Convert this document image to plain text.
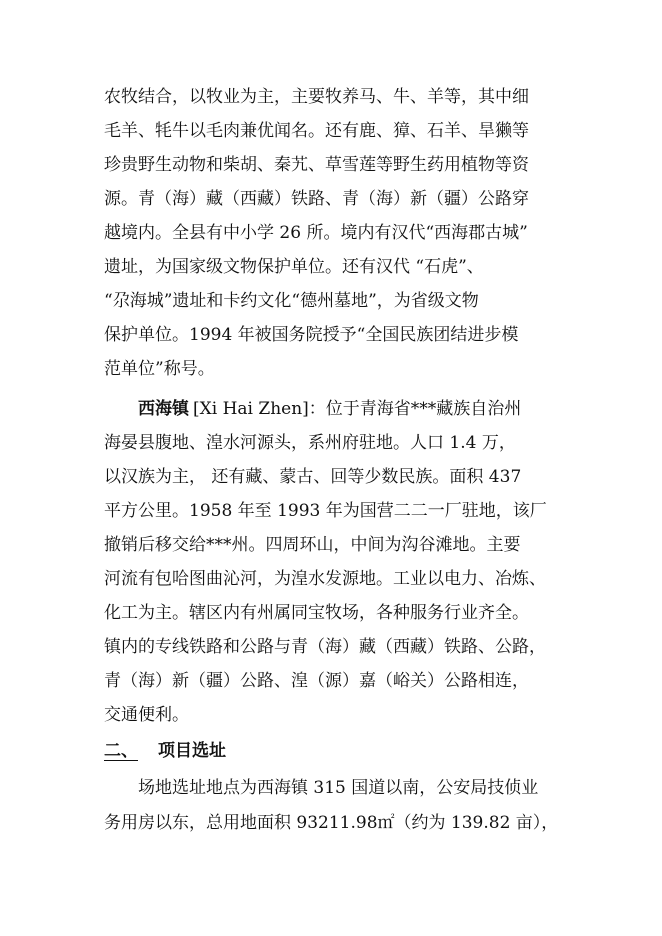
农牧结合，以牧业为主，主要牧养马、牛、羊等，其中细
毛羊、牦牛以毛肉兼优闻名。还有鹿、獐、石羊、旱獭等
珍贵野生动物和柴胡、秦艽、草雪莲等野生药用植物等资
源。青（海）藏（西藏）铁路、青（海）新（疆）公路穿
越境内。全县有中小学 26 所。境内有汉代“西海郡古城”
遗址，为国家级文物保护单位。还有汉代 “石虎”、
“尕海城”遗址和卡约文化“德州墓地”，为省级文物
保护单位。1994 年被国务院授予“全国民族团结进步模
范单位”称号。
西海镇 [Xi Hai Zhen]：位于青海省***藏族自治州
海晏县腹地、湟水河源头，系州府驻地。人口 1.4 万，
以汉族为主， 还有藏、蒙古、回等少数民族。面积 437
平方公里。1958 年至 1993 年为国营二二一厂驻地，该厂
撤销后移交给***州。四周环山，中间为沟谷滩地。主要
河流有包哈图曲沁河，为湟水发源地。工业以电力、冶炼、
化工为主。辖区内有州属同宝牧场，各种服务行业齐全。
镇内的专线铁路和公路与青（海）藏（西藏）铁路、公路，
青（海）新（疆）公路、湟（源）嘉（峪关）公路相连，
交通便利。
二、 项目选址
场地选址地点为西海镇 315 国道以南，公安局技侦业
务用房以东，总用地面积 93211.98㎡（约为 139.82 亩），
